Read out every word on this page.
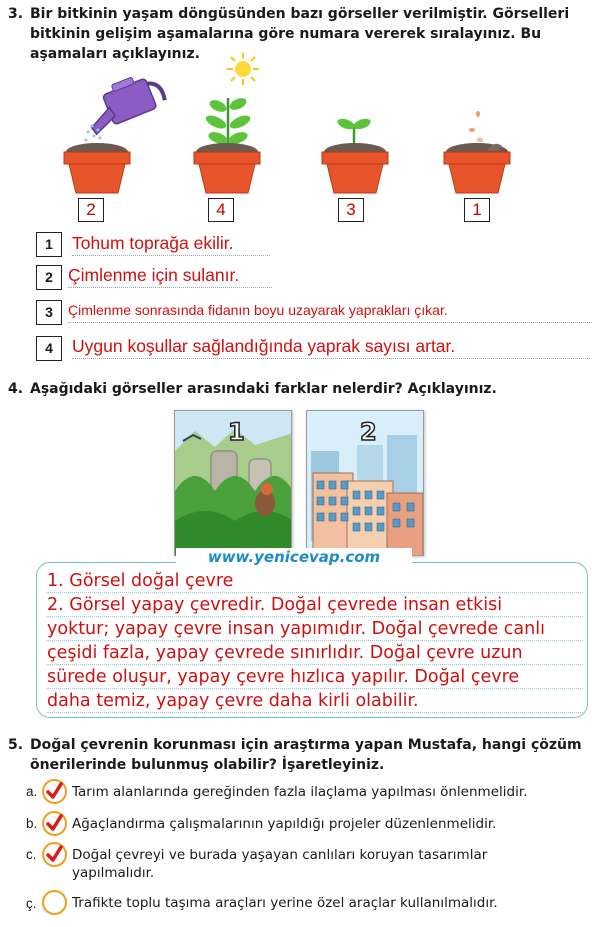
3. Bir bitkinin yaşam döngüsünden bazı görseller verilmiştir. Görselleri
bitkinin gelişim aşamalarına göre numara vererek sıralayınız. Bu
aşamaları açıklayınız.
2	4	3	1
1	Tohum toprağa ekilir.
2 Çimlenme için sulanır.
3	Çimlenme sonrasında fidanın boyu uzayarak yaprakları çıkar.
4	Uygun koşullar sağlandığında yaprak sayısı artar.
4. Aşağıdaki görseller arasındaki farklar nelerdir? Açıklayınız.
1	2
1. Görsel doğal çevre
2. Görsel yapay çevredir. Doğal çevrede insan etkisi
yoktur; yapay çevre insan yapımıdır. Doğal çevrede canlı
çeşidi fazla, yapay çevrede sınırlıdır. Doğal çevre uzun
sürede oluşur, yapay çevre hızlıca yapılır. Doğal çevre
daha temiz, yapay çevre daha kirli olabilir.
www.yenicevap.com
5. Doğal çevrenin korunması için araştırma yapan Mustafa, hangi çözüm
önerilerinde bulunmuş olabilir? İşaretleyiniz.
a.	Tarım alanlarında gereğinden fazla ilaçlama yapılması önlenmelidir.
b.	Ağaçlandırma çalışmalarının yapıldığı projeler düzenlenmelidir.
c.	Doğal çevreyi ve burada yaşayan canlıları koruyan tasarımlar
yapılmalıdır.
ç.	Trafikte toplu taşıma araçları yerine özel araçlar kullanılmalıdır.
